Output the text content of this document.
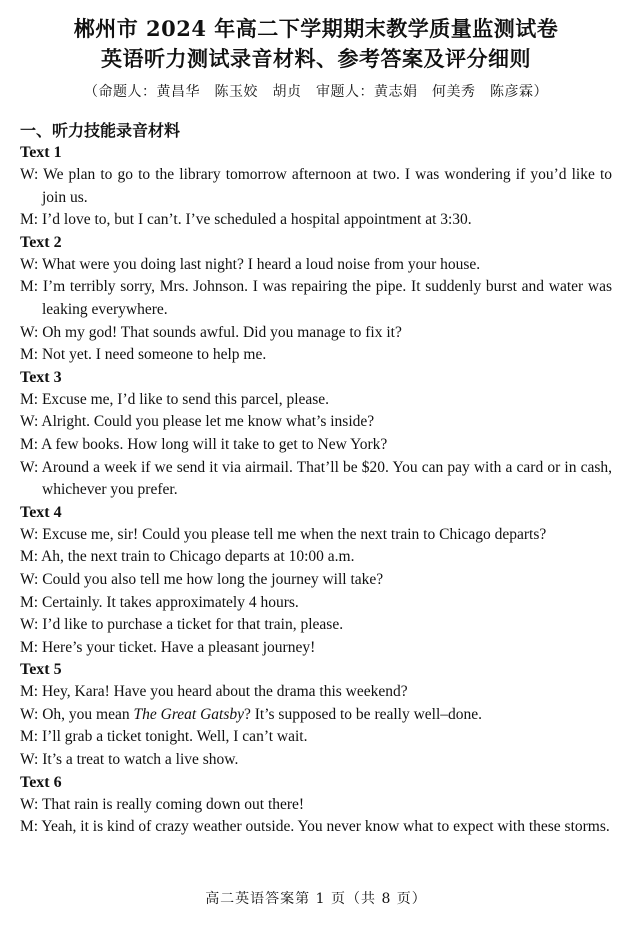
郴州市 2024 年高二下学期期末教学质量监测试卷
英语听力测试录音材料、参考答案及评分细则
（命题人：黄昌华　陈玉姣　胡贞　审题人：黄志娟　何美秀　陈彦霖）
一、听力技能录音材料
Text 1
W: We plan to go to the library tomorrow afternoon at two. I was wondering if you’d like to join us.
M: I’d love to, but I can’t. I’ve scheduled a hospital appointment at 3:30.
Text 2
W: What were you doing last night? I heard a loud noise from your house.
M: I’m terribly sorry, Mrs. Johnson. I was repairing the pipe. It suddenly burst and water was leaking everywhere.
W: Oh my god! That sounds awful. Did you manage to fix it?
M: Not yet. I need someone to help me.
Text 3
M: Excuse me, I’d like to send this parcel, please.
W: Alright. Could you please let me know what’s inside?
M: A few books. How long will it take to get to New York?
W: Around a week if we send it via airmail. That’ll be $20. You can pay with a card or in cash, whichever you prefer.
Text 4
W: Excuse me, sir! Could you please tell me when the next train to Chicago departs?
M: Ah, the next train to Chicago departs at 10:00 a.m.
W: Could you also tell me how long the journey will take?
M: Certainly. It takes approximately 4 hours.
W: I’d like to purchase a ticket for that train, please.
M: Here’s your ticket. Have a pleasant journey!
Text 5
M: Hey, Kara! Have you heard about the drama this weekend?
W: Oh, you mean The Great Gatsby? It’s supposed to be really well–done.
M: I’ll grab a ticket tonight. Well, I can’t wait.
W: It’s a treat to watch a live show.
Text 6
W: That rain is really coming down out there!
M: Yeah, it is kind of crazy weather outside. You never know what to expect with these storms.
高二英语答案第 1 页（共 8 页）
